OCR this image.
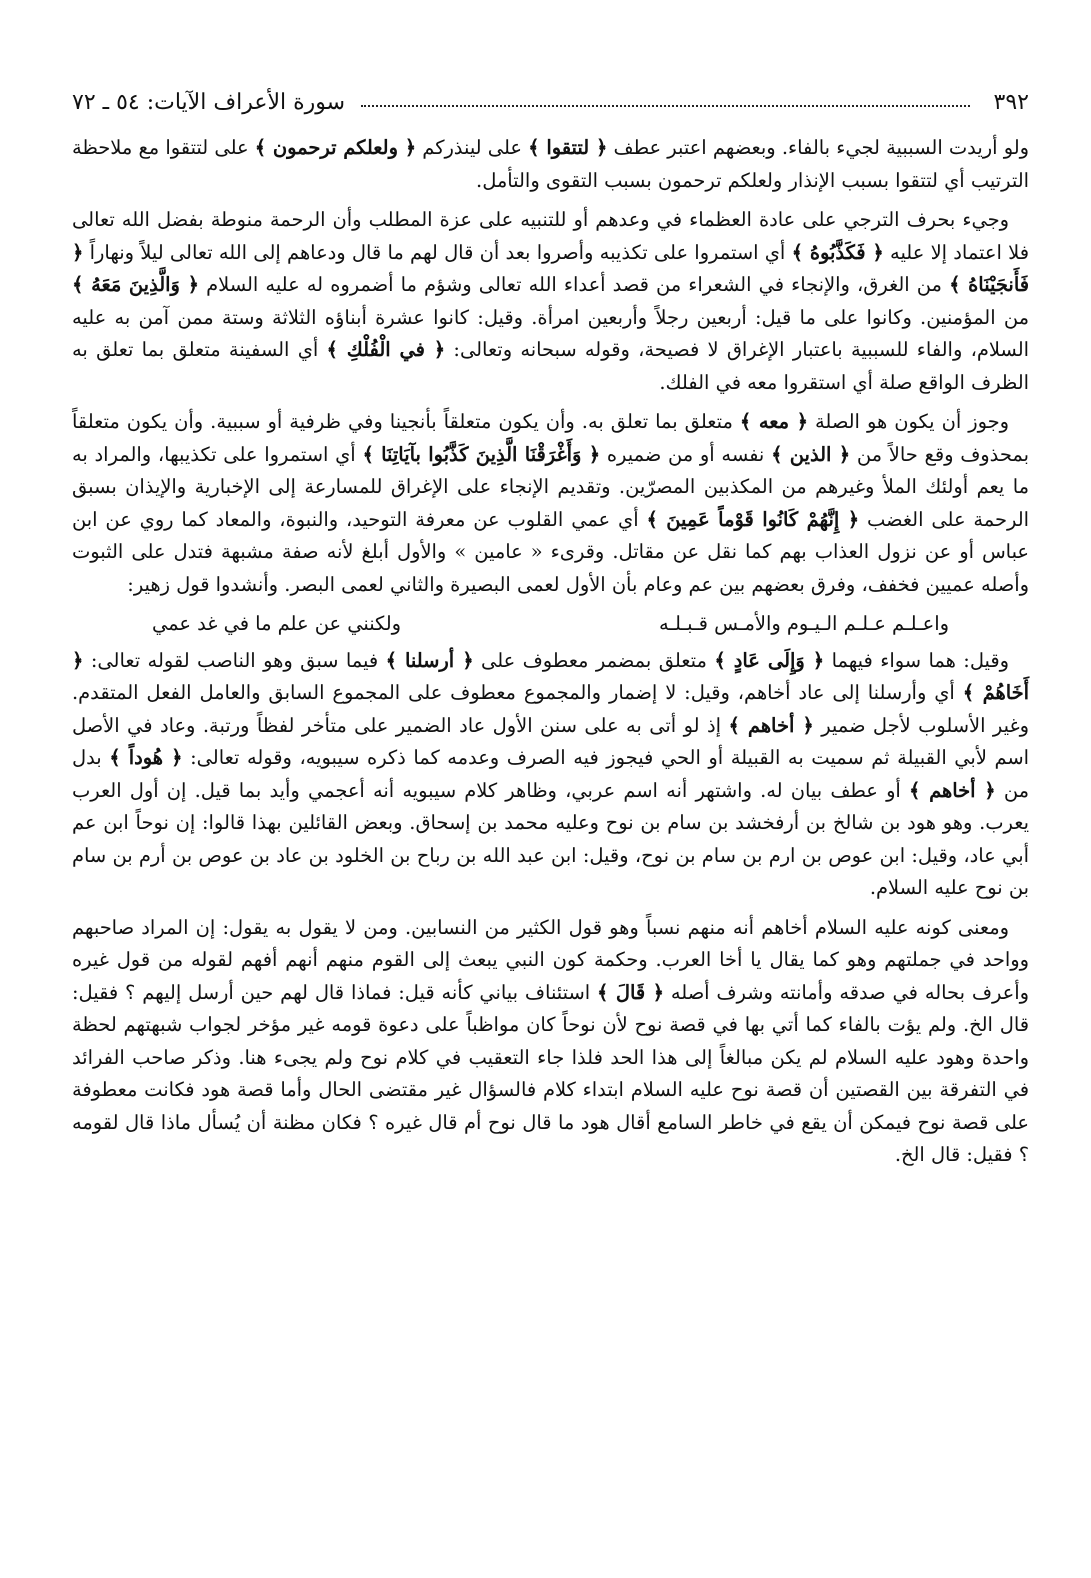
٣٩٢
سورة الأعراف الآيات: ٥٤ ـ ٧٢

ولو أريدت السببية لجيء بالفاء. وبعضهم اعتبر عطف ﴿ لتتقوا ﴾ على لينذركم ﴿ ولعلكم ترحمون ﴾ على لتتقوا مع ملاحظة الترتيب أي لتتقوا بسبب الإنذار ولعلكم ترحمون بسبب التقوى والتأمل.

وجيء بحرف الترجي على عادة العظماء في وعدهم أو للتنبيه على عزة المطلب وأن الرحمة منوطة بفضل الله تعالى فلا اعتماد إلا عليه ﴿ فَكَذَّبُوهُ ﴾ أي استمروا على تكذيبه وأصروا بعد أن قال لهم ما قال ودعاهم إلى الله تعالى ليلاً ونهاراً ﴿ فَأَنجَيْنَاهُ ﴾ من الغرق، والإنجاء في الشعراء من قصد أعداء الله تعالى وشؤم ما أضمروه له عليه السلام ﴿ وَالَّذِينَ مَعَهُ ﴾ من المؤمنين. وكانوا على ما قيل: أربعين رجلاً وأربعين امرأة. وقيل: كانوا عشرة أبناؤه الثلاثة وستة ممن آمن به عليه السلام، والفاء للسببية باعتبار الإغراق لا فصيحة، وقوله سبحانه وتعالى: ﴿ في الْفُلْكِ ﴾ أي السفينة متعلق بما تعلق به الظرف الواقع صلة أي استقروا معه في الفلك.

وجوز أن يكون هو الصلة ﴿ معه ﴾ متعلق بما تعلق به. وأن يكون متعلقاً بأنجينا وفي ظرفية أو سببية. وأن يكون متعلقاً بمحذوف وقع حالاً من ﴿ الذين ﴾ نفسه أو من ضميره ﴿ وَأَغْرَقْنَا الَّذِينَ كَذَّبُوا بآيَاتِنَا ﴾ أي استمروا على تكذيبها، والمراد به ما يعم أولئك الملأ وغيرهم من المكذبين المصرّين. وتقديم الإنجاء على الإغراق للمسارعة إلى الإخبارية والإيذان بسبق الرحمة على الغضب ﴿ إِنَّهُمْ كَانُوا قَوْماً عَمِينَ ﴾ أي عمي القلوب عن معرفة التوحيد، والنبوة، والمعاد كما روي عن ابن عباس أو عن نزول العذاب بهم كما نقل عن مقاتل. وقرىء « عامين » والأول أبلغ لأنه صفة مشبهة فتدل على الثبوت وأصله عميين فخفف، وفرق بعضهم بين عم وعام بأن الأول لعمى البصيرة والثاني لعمى البصر. وأنشدوا قول زهير:

واعـلـم عـلـم الـيـوم والأمـس قـبـلـه
ولكنني عن علم ما في غد عمي

وقيل: هما سواء فيهما ﴿ وَإِلَى عَادٍ ﴾ متعلق بمضمر معطوف على ﴿ أرسلنا ﴾ فيما سبق وهو الناصب لقوله تعالى: ﴿ أَخَاهُمْ ﴾ أي وأرسلنا إلى عاد أخاهم، وقيل: لا إضمار والمجموع معطوف على المجموع السابق والعامل الفعل المتقدم. وغير الأسلوب لأجل ضمير ﴿ أخاهم ﴾ إذ لو أتى به على سنن الأول عاد الضمير على متأخر لفظاً ورتبة. وعاد في الأصل اسم لأبي القبيلة ثم سميت به القبيلة أو الحي فيجوز فيه الصرف وعدمه كما ذكره سيبويه، وقوله تعالى: ﴿ هُوداً ﴾ بدل من ﴿ أخاهم ﴾ أو عطف بيان له. واشتهر أنه اسم عربي، وظاهر كلام سيبويه أنه أعجمي وأيد بما قيل. إن أول العرب يعرب. وهو هود بن شالخ بن أرفخشد بن سام بن نوح وعليه محمد بن إسحاق. وبعض القائلين بهذا قالوا: إن نوحاً ابن عم أبي عاد، وقيل: ابن عوص بن ارم بن سام بن نوح، وقيل: ابن عبد الله بن رباح بن الخلود بن عاد بن عوص بن أرم بن سام بن نوح عليه السلام.

ومعنى كونه عليه السلام أخاهم أنه منهم نسباً وهو قول الكثير من النسابين. ومن لا يقول به يقول: إن المراد صاحبهم وواحد في جملتهم وهو كما يقال يا أخا العرب. وحكمة كون النبي يبعث إلى القوم منهم أنهم أفهم لقوله من قول غيره وأعرف بحاله في صدقه وأمانته وشرف أصله ﴿ قَالَ ﴾ استئناف بياني كأنه قيل: فماذا قال لهم حين أرسل إليهم ؟ فقيل: قال الخ. ولم يؤت بالفاء كما أتي بها في قصة نوح لأن نوحاً كان مواظباً على دعوة قومه غير مؤخر لجواب شبهتهم لحظة واحدة وهود عليه السلام لم يكن مبالغاً إلى هذا الحد فلذا جاء التعقيب في كلام نوح ولم يجىء هنا. وذكر صاحب الفرائد في التفرقة بين القصتين أن قصة نوح عليه السلام ابتداء كلام فالسؤال غير مقتضى الحال وأما قصة هود فكانت معطوفة على قصة نوح فيمكن أن يقع في خاطر السامع أقال هود ما قال نوح أم قال غيره ؟ فكان مظنة أن يُسأل ماذا قال لقومه ؟ فقيل: قال الخ.
